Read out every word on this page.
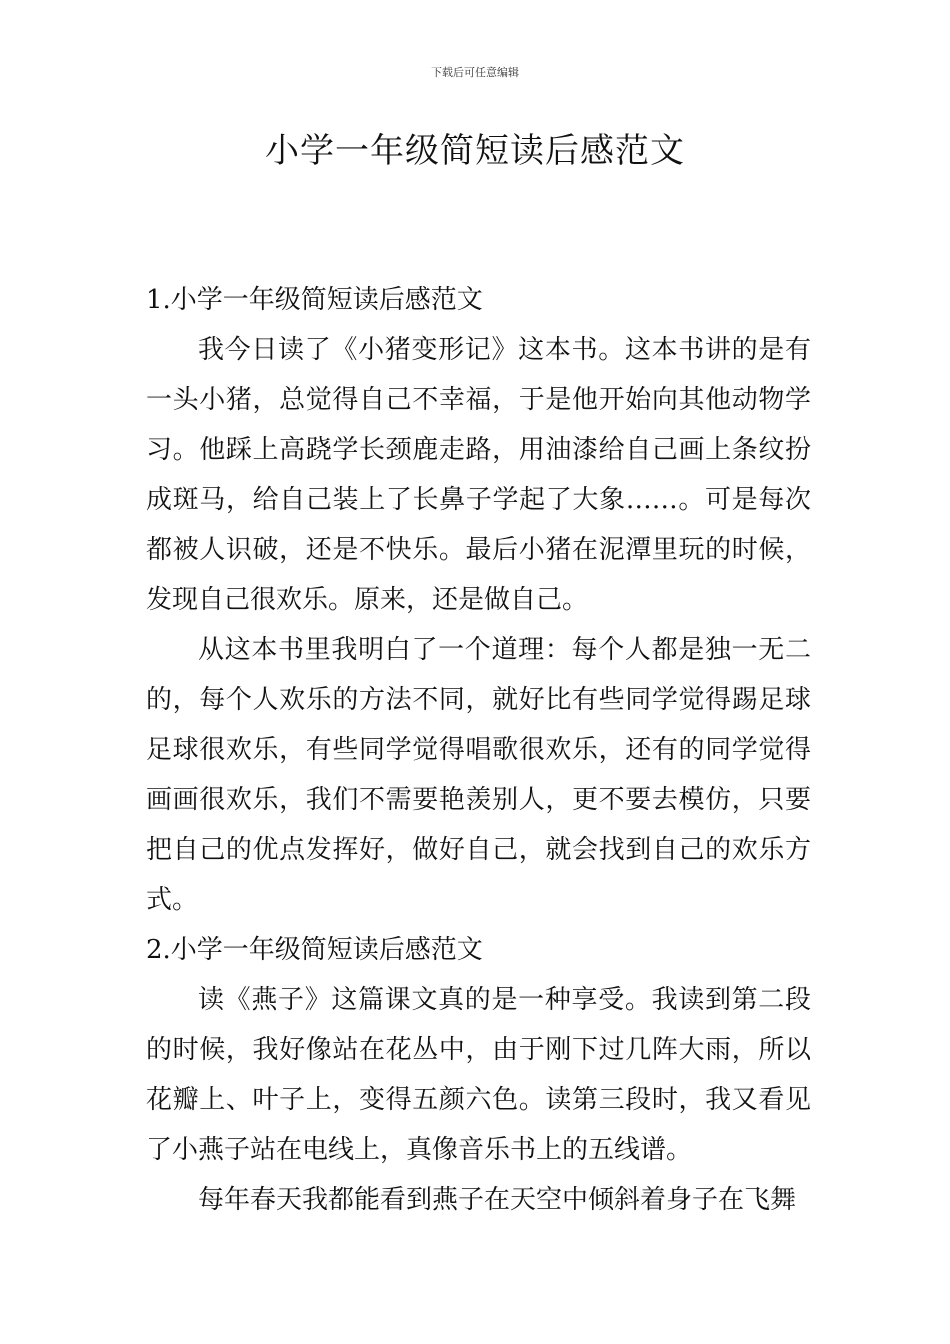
下载后可任意编辑
小学一年级简短读后感范文

1.小学一年级简短读后感范文

我今日读了《小猪变形记》这本书。这本书讲的是有一头小猪，总觉得自己不幸福，于是他开始向其他动物学习。他踩上高跷学长颈鹿走路，用油漆给自己画上条纹扮成斑马，给自己装上了长鼻子学起了大象……。可是每次都被人识破，还是不快乐。最后小猪在泥潭里玩的时候，发现自己很欢乐。原来，还是做自己。

从这本书里我明白了一个道理：每个人都是独一无二的，每个人欢乐的方法不同，就好比有些同学觉得踢足球足球很欢乐，有些同学觉得唱歌很欢乐，还有的同学觉得画画很欢乐，我们不需要艳羡别人，更不要去模仿，只要把自己的优点发挥好，做好自己，就会找到自己的欢乐方式。

2.小学一年级简短读后感范文

读《燕子》这篇课文真的是一种享受。我读到第二段的时候，我好像站在花丛中，由于刚下过几阵大雨，所以花瓣上、叶子上，变得五颜六色。读第三段时，我又看见了小燕子站在电线上，真像音乐书上的五线谱。

每年春天我都能看到燕子在天空中倾斜着身子在飞舞
